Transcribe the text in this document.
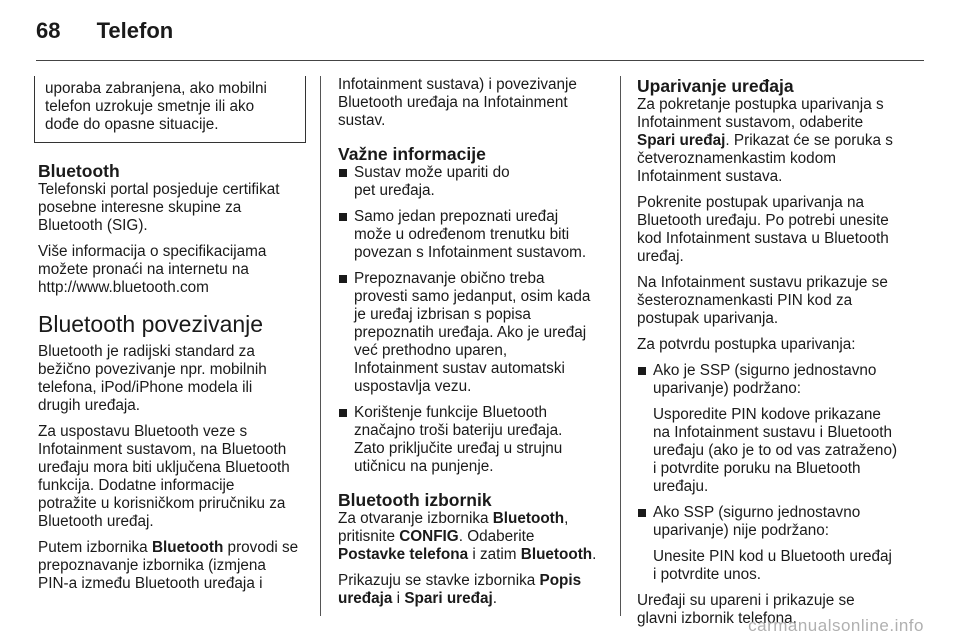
68 Telefon
uporaba zabranjena, ako mobilni
telefon uzrokuje smetnje ili ako
dođe do opasne situacije.
Bluetooth

Telefonski portal posjeduje certifikat
posebne interesne skupine za
Bluetooth (SIG).

Više informacija o specifikacijama
možete pronaći na internetu na
http://www.bluetooth.com

Bluetooth povezivanje

Bluetooth je radijski standard za
bežično povezivanje npr. mobilnih
telefona, iPod/iPhone modela ili
drugih uređaja.

Za uspostavu Bluetooth veze s
Infotainment sustavom, na Bluetooth
uređaju mora biti uključena Bluetooth
funkcija. Dodatne informacije
potražite u korisničkom priručniku za
Bluetooth uređaj.

Putem izbornika Bluetooth provodi se
prepoznavanje izbornika (izmjena
PIN-a između Bluetooth uređaja i

Infotainment sustava) i povezivanje
Bluetooth uređaja na Infotainment
sustav.

Važne informacije
Sustav može upariti do
pet uređaja.
Samo jedan prepoznati uređaj
može u određenom trenutku biti
povezan s Infotainment sustavom.
Prepoznavanje obično treba
provesti samo jedanput, osim kada
je uređaj izbrisan s popisa
prepoznatih uređaja. Ako je uređaj
već prethodno uparen,
Infotainment sustav automatski
uspostavlja vezu.
Korištenje funkcije Bluetooth
značajno troši bateriju uređaja.
Zato priključite uređaj u strujnu
utičnicu na punjenje.
Bluetooth izbornik

Za otvaranje izbornika Bluetooth,
pritisnite CONFIG. Odaberite
Postavke telefona i zatim Bluetooth.

Prikazuju se stavke izbornika Popis
uređaja i Spari uređaj.

Uparivanje uređaja

Za pokretanje postupka uparivanja s
Infotainment sustavom, odaberite
Spari uređaj. Prikazat će se poruka s
četveroznamenkastim kodom
Infotainment sustava.

Pokrenite postupak uparivanja na
Bluetooth uređaju. Po potrebi unesite
kod Infotainment sustava u Bluetooth
uređaj.

Na Infotainment sustavu prikazuje se
šesteroznamenkasti PIN kod za
postupak uparivanja.

Za potvrdu postupka uparivanja:

Ako je SSP (sigurno jednostavno
uparivanje) podržano:

Usporedite PIN kodove prikazane
na Infotainment sustavu i Bluetooth
uređaju (ako je to od vas zatraženo)
i potvrdite poruku na Bluetooth
uređaju.

Ako SSP (sigurno jednostavno
uparivanje) nije podržano:

Unesite PIN kod u Bluetooth uređaj
i potvrdite unos.

Uređaji su upareni i prikazuje se
glavni izbornik telefona.

carmanualsonline.info
